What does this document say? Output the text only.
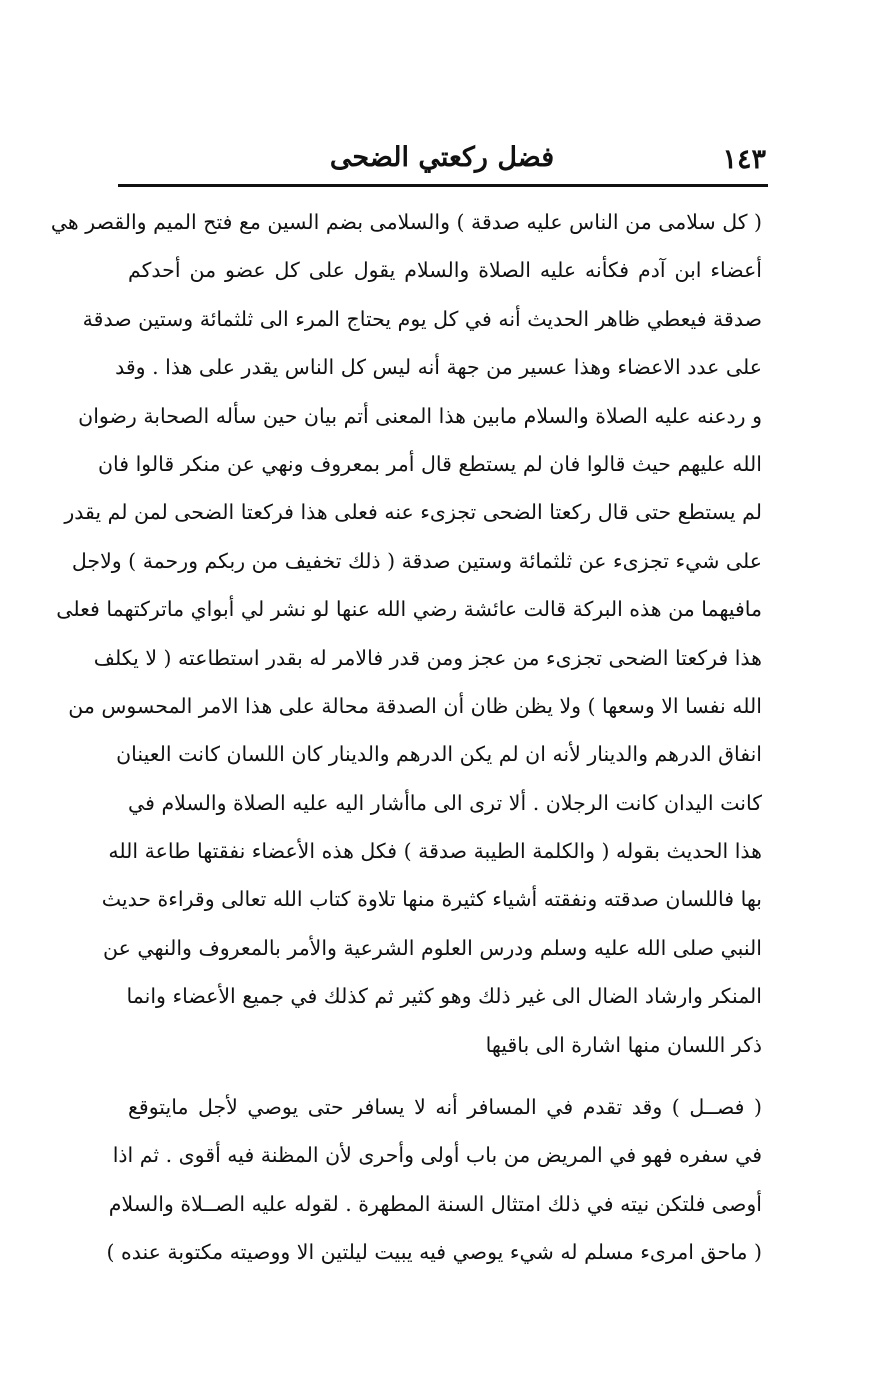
١٤٣
فضل ركعتي الضحى
( كل سلامى من الناس عليه صدقة ) والسلامى بضم السين مع فتح الميم والقصر هي
أعضاء ابن آدم فكأنه عليه الصلاة والسلام يقول على كل عضو من أحدكم
صدقة فيعطي ظاهر الحديث أنه في كل يوم يحتاج المرء الى ثلثمائة وستين صدقة
على عدد الاعضاء وهذا عسير من جهة أنه ليس كل الناس يقدر على هذا . وقد
و ردعنه عليه الصلاة والسلام مابين هذا المعنى أتم بيان حين سأله الصحابة رضوان
الله عليهم حيث قالوا فان لم يستطع قال أمر بمعروف ونهي عن منكر قالوا فان
لم يستطع حتى قال ركعتا الضحى تجزىء عنه فعلى هذا فركعتا الضحى لمن لم يقدر
على شيء تجزىء عن ثلثمائة وستين صدقة ( ذلك تخفيف من ربكم ورحمة ) ولاجل
مافيهما من هذه البركة قالت عائشة رضي الله عنها لو نشر لي أبواي ماتركتهما فعلى
هذا فركعتا الضحى تجزىء من عجز ومن قدر فالامر له بقدر استطاعته ( لا يكلف
الله نفسا الا وسعها ) ولا يظن ظان أن الصدقة محالة على هذا الامر المحسوس من
انفاق الدرهم والدينار لأنه ان لم يكن الدرهم والدينار كان اللسان كانت العينان
كانت اليدان كانت الرجلان . ألا ترى الى ماأشار اليه عليه الصلاة والسلام في
هذا الحديث بقوله ( والكلمة الطيبة صدقة ) فكل هذه الأعضاء نفقتها طاعة الله
بها فاللسان صدقته ونفقته أشياء كثيرة منها تلاوة كتاب الله تعالى وقراءة حديث
النبي صلى الله عليه وسلم ودرس العلوم الشرعية والأمر بالمعروف والنهي عن
المنكر وارشاد الضال الى غير ذلك وهو كثير ثم كذلك في جميع الأعضاء وانما
ذكر اللسان منها اشارة الى باقيها
( فصــل ) وقد تقدم في المسافر أنه لا يسافر حتى يوصي لأجل مايتوقع
في سفره فهو في المريض من باب أولى وأحرى لأن المظنة فيه أقوى . ثم اذا
أوصى فلتكن نيته في ذلك امتثال السنة المطهرة . لقوله عليه الصــلاة والسلام
( ماحق امرىء مسلم له شيء يوصي فيه يبيت ليلتين الا ووصيته مكتوبة عنده )
